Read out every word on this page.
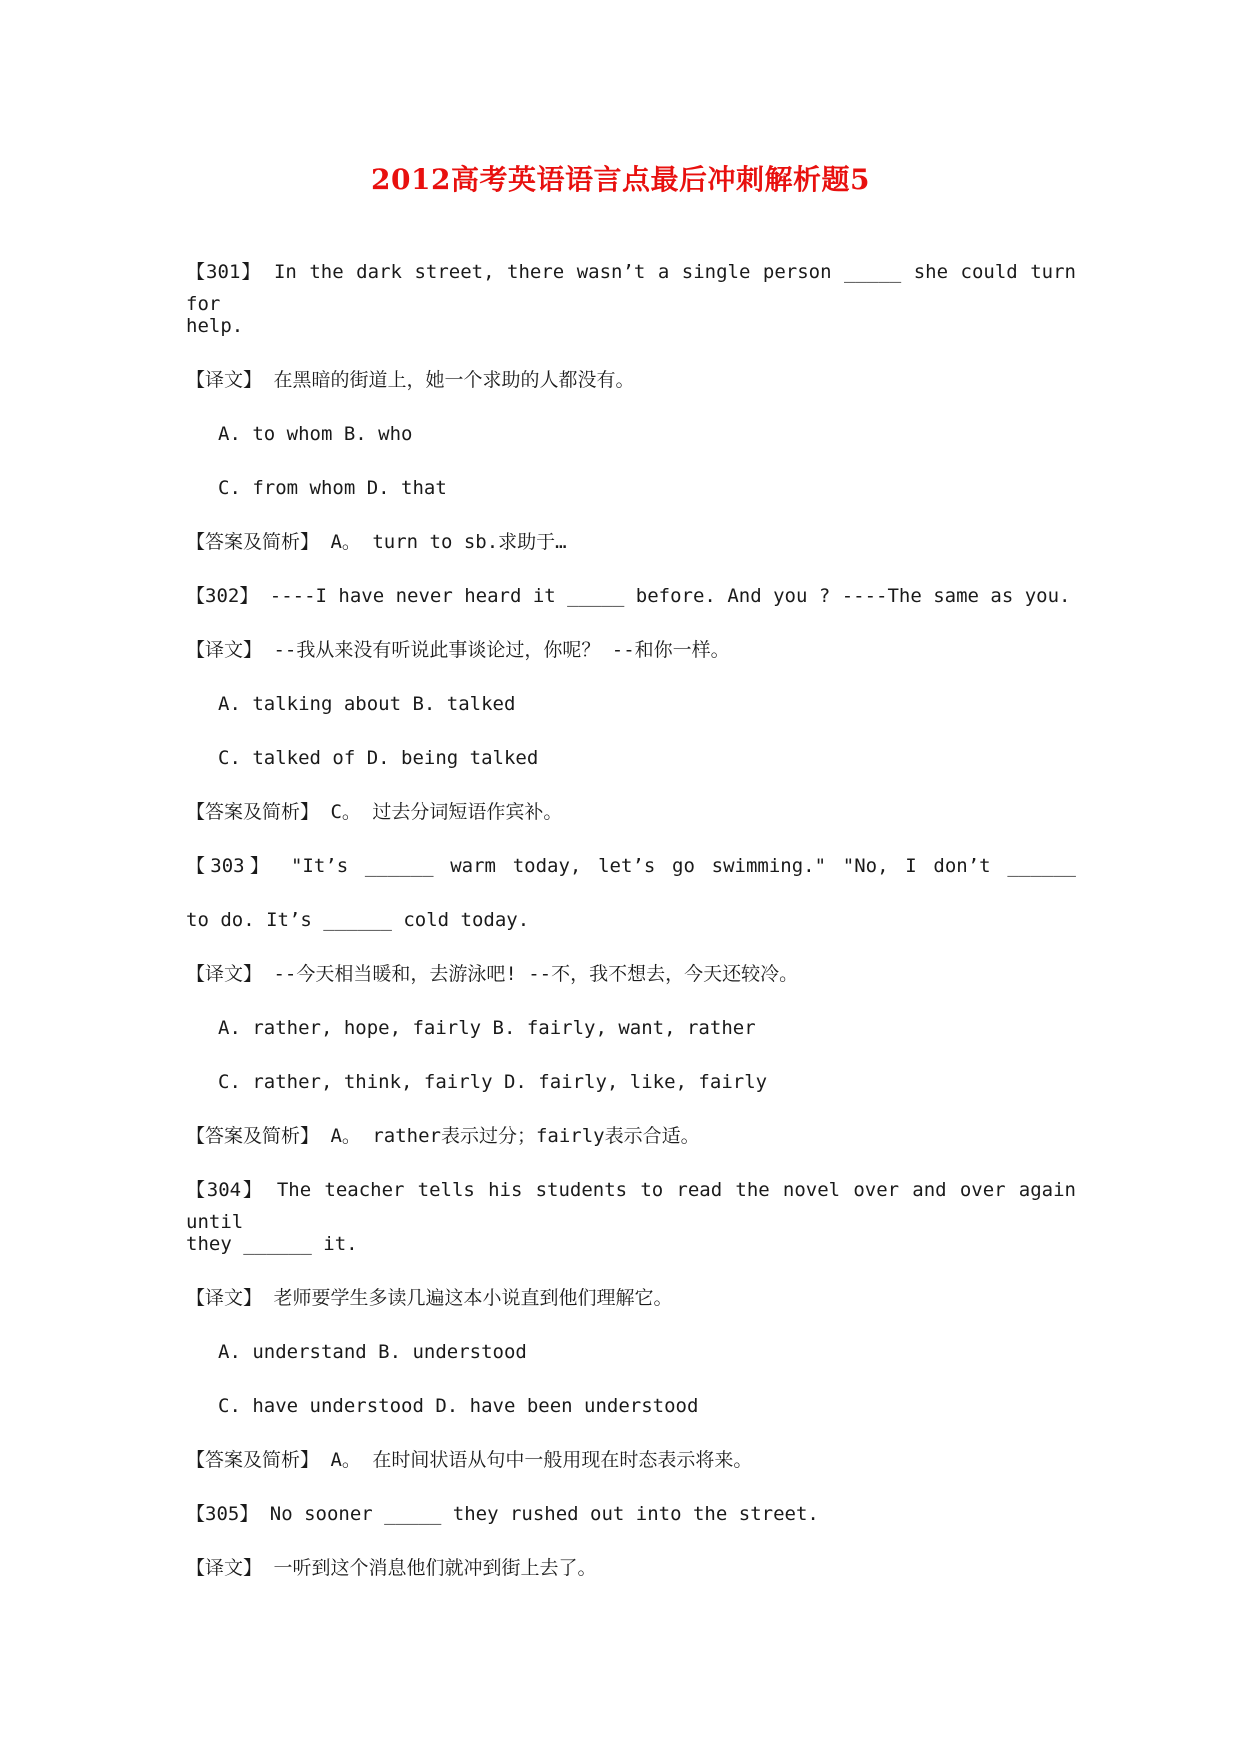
2012高考英语语言点最后冲刺解析题5
【301】 In the dark street, there wasn’t a single person _____ she could turn for
help.
【译文】 在黑暗的街道上，她一个求助的人都没有。
A. to whom B. who
C. from whom D. that
【答案及简析】 A。 turn to sb.求助于…
【302】 ----I have never heard it _____ before. And you ? ----The same as you.
【译文】 --我从来没有听说此事谈论过，你呢？ --和你一样。
A. talking about B. talked
C. talked of D. being talked
【答案及简析】 C。 过去分词短语作宾补。
【303】 "It’s ______ warm today, let’s go swimming." "No, I don’t ______
to do. It’s ______ cold today.
【译文】 --今天相当暖和，去游泳吧! --不，我不想去，今天还较冷。
A. rather, hope, fairly B. fairly, want, rather
C. rather, think, fairly D. fairly, like, fairly
【答案及简析】 A。 rather表示过分；fairly表示合适。
【304】 The teacher tells his students to read the novel over and over again until
they ______ it.
【译文】 老师要学生多读几遍这本小说直到他们理解它。
A. understand B. understood
C. have understood D. have been understood
【答案及简析】 A。 在时间状语从句中一般用现在时态表示将来。
【305】 No sooner _____ they rushed out into the street.
【译文】 一听到这个消息他们就冲到街上去了。
